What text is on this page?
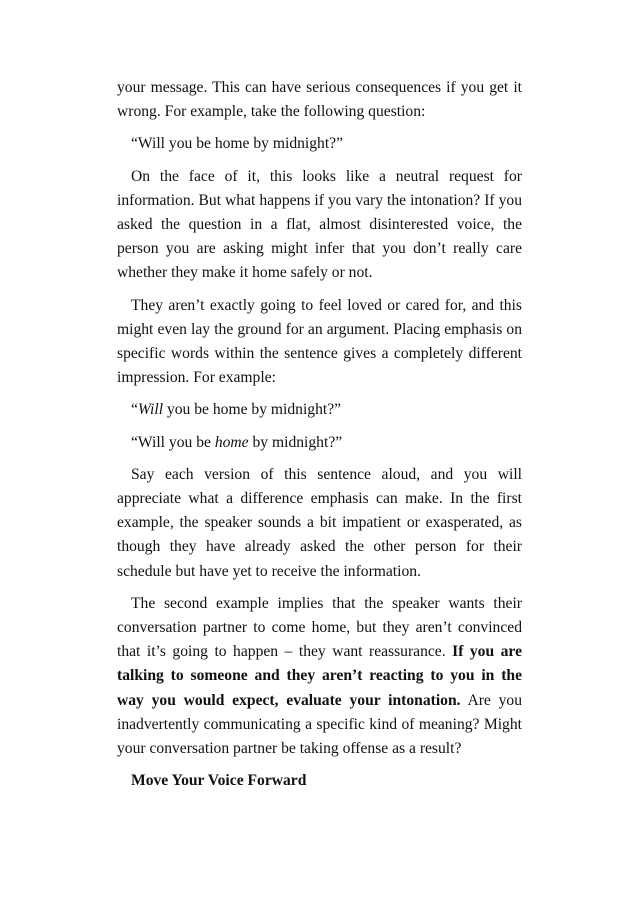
your message. This can have serious consequences if you get it wrong. For example, take the following question:

“Will you be home by midnight?”

On the face of it, this looks like a neutral request for information. But what happens if you vary the intonation? If you asked the question in a flat, almost disinterested voice, the person you are asking might infer that you don’t really care whether they make it home safely or not.

They aren’t exactly going to feel loved or cared for, and this might even lay the ground for an argument. Placing emphasis on specific words within the sentence gives a completely different impression. For example:

“Will you be home by midnight?”

“Will you be home by midnight?”

Say each version of this sentence aloud, and you will appreciate what a difference emphasis can make. In the first example, the speaker sounds a bit impatient or exasperated, as though they have already asked the other person for their schedule but have yet to receive the information.

The second example implies that the speaker wants their conversation partner to come home, but they aren’t convinced that it’s going to happen – they want reassurance. If you are talking to someone and they aren’t reacting to you in the way you would expect, evaluate your intonation. Are you inadvertently communicating a specific kind of meaning? Might your conversation partner be taking offense as a result?

Move Your Voice Forward
